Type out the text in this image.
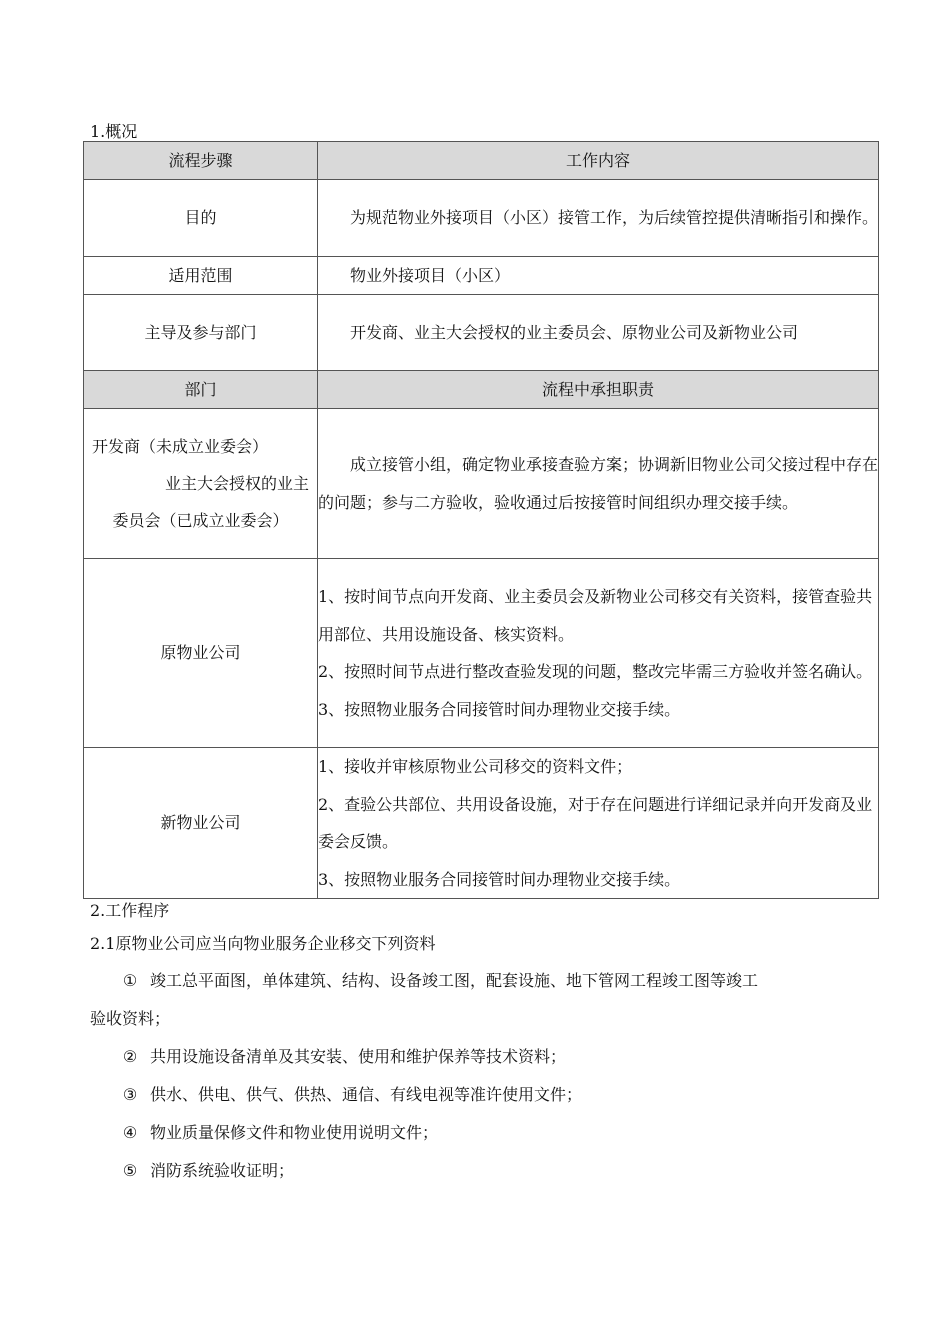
1.概况
流程步骤	工作内容
目的	为规范物业外接项目（小区）接管工作，为后续管控提供清晰指引和操作。

适用范围	物业外接项目（小区）

主导及参与部门	开发商、业主大会授权的业主委员会、原物业公司及新物业公司

部门	流程中承担职责

开发商（未成立业委会）
业主大会授权的业主
委员会（已成立业委会）	成立接管小组，确定物业承接查验方案；协调新旧物业公司父接过程中存在的问题；参与二方验收，验收通过后按接管时间组织办理交接手续。

原物业公司	1、按时间节点向开发商、业主委员会及新物业公司移交有关资料，接管查验共用部位、共用设施设备、核实资料。

2、按照时间节点进行整改查验发现的问题，整改完毕需三方验收并签名确认。

3、按照物业服务合同接管时间办理物业交接手续。

新物业公司	1、接收并审核原物业公司移交的资料文件；

2、查验公共部位、共用设备设施，对于存在问题进行详细记录并向开发商及业委会反馈。

3、按照物业服务合同接管时间办理物业交接手续。

2.工作程序
2.1原物业公司应当向物业服务企业移交下列资料
① 竣工总平面图，单体建筑、结构、设备竣工图，配套设施、地下管网工程竣工图等竣工
验收资料；
② 共用设施设备清单及其安装、使用和维护保养等技术资料；
③ 供水、供电、供气、供热、通信、有线电视等准许使用文件；
④ 物业质量保修文件和物业使用说明文件；
⑤ 消防系统验收证明；
